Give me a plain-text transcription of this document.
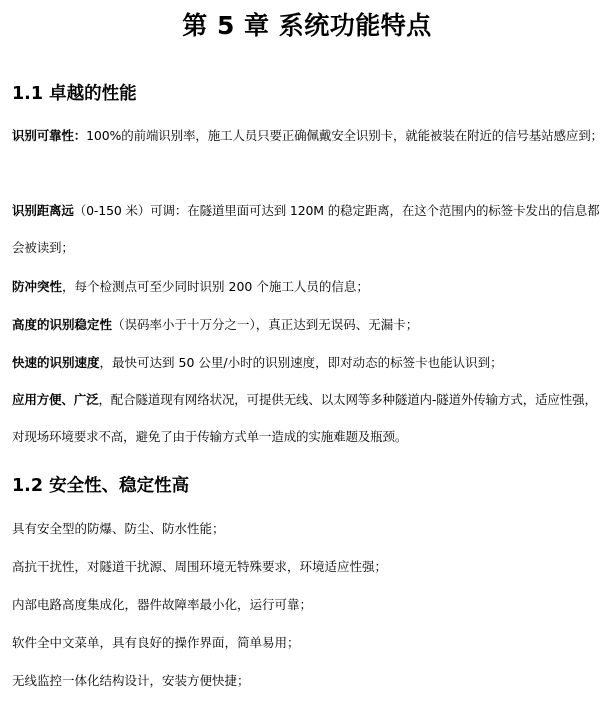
第 5 章 系统功能特点
1.1 卓越的性能

识别可靠性：100%的前端识别率，施工人员只要正确佩戴安全识别卡，就能被装在附近的信号基站感应到；

识别距离远（0-150 米）可调：在隧道里面可达到 120M 的稳定距离，在这个范围内的标签卡发出的信息都会被读到；

防冲突性，每个检测点可至少同时识别 200 个施工人员的信息；

高度的识别稳定性（误码率小于十万分之一），真正达到无误码、无漏卡；

快速的识别速度，最快可达到 50 公里/小时的识别速度，即对动态的标签卡也能认识到；

应用方便、广泛，配合隧道现有网络状况，可提供无线、以太网等多种隧道内-隧道外传输方式，适应性强，对现场环境要求不高，避免了由于传输方式单一造成的实施难题及瓶颈。

1.2 安全性、稳定性高

具有安全型的防爆、防尘、防水性能；

高抗干扰性，对隧道干扰源、周围环境无特殊要求，环境适应性强；

内部电路高度集成化，器件故障率最小化，运行可靠；

软件全中文菜单，具有良好的操作界面，简单易用；

无线监控一体化结构设计，安装方便快捷；
